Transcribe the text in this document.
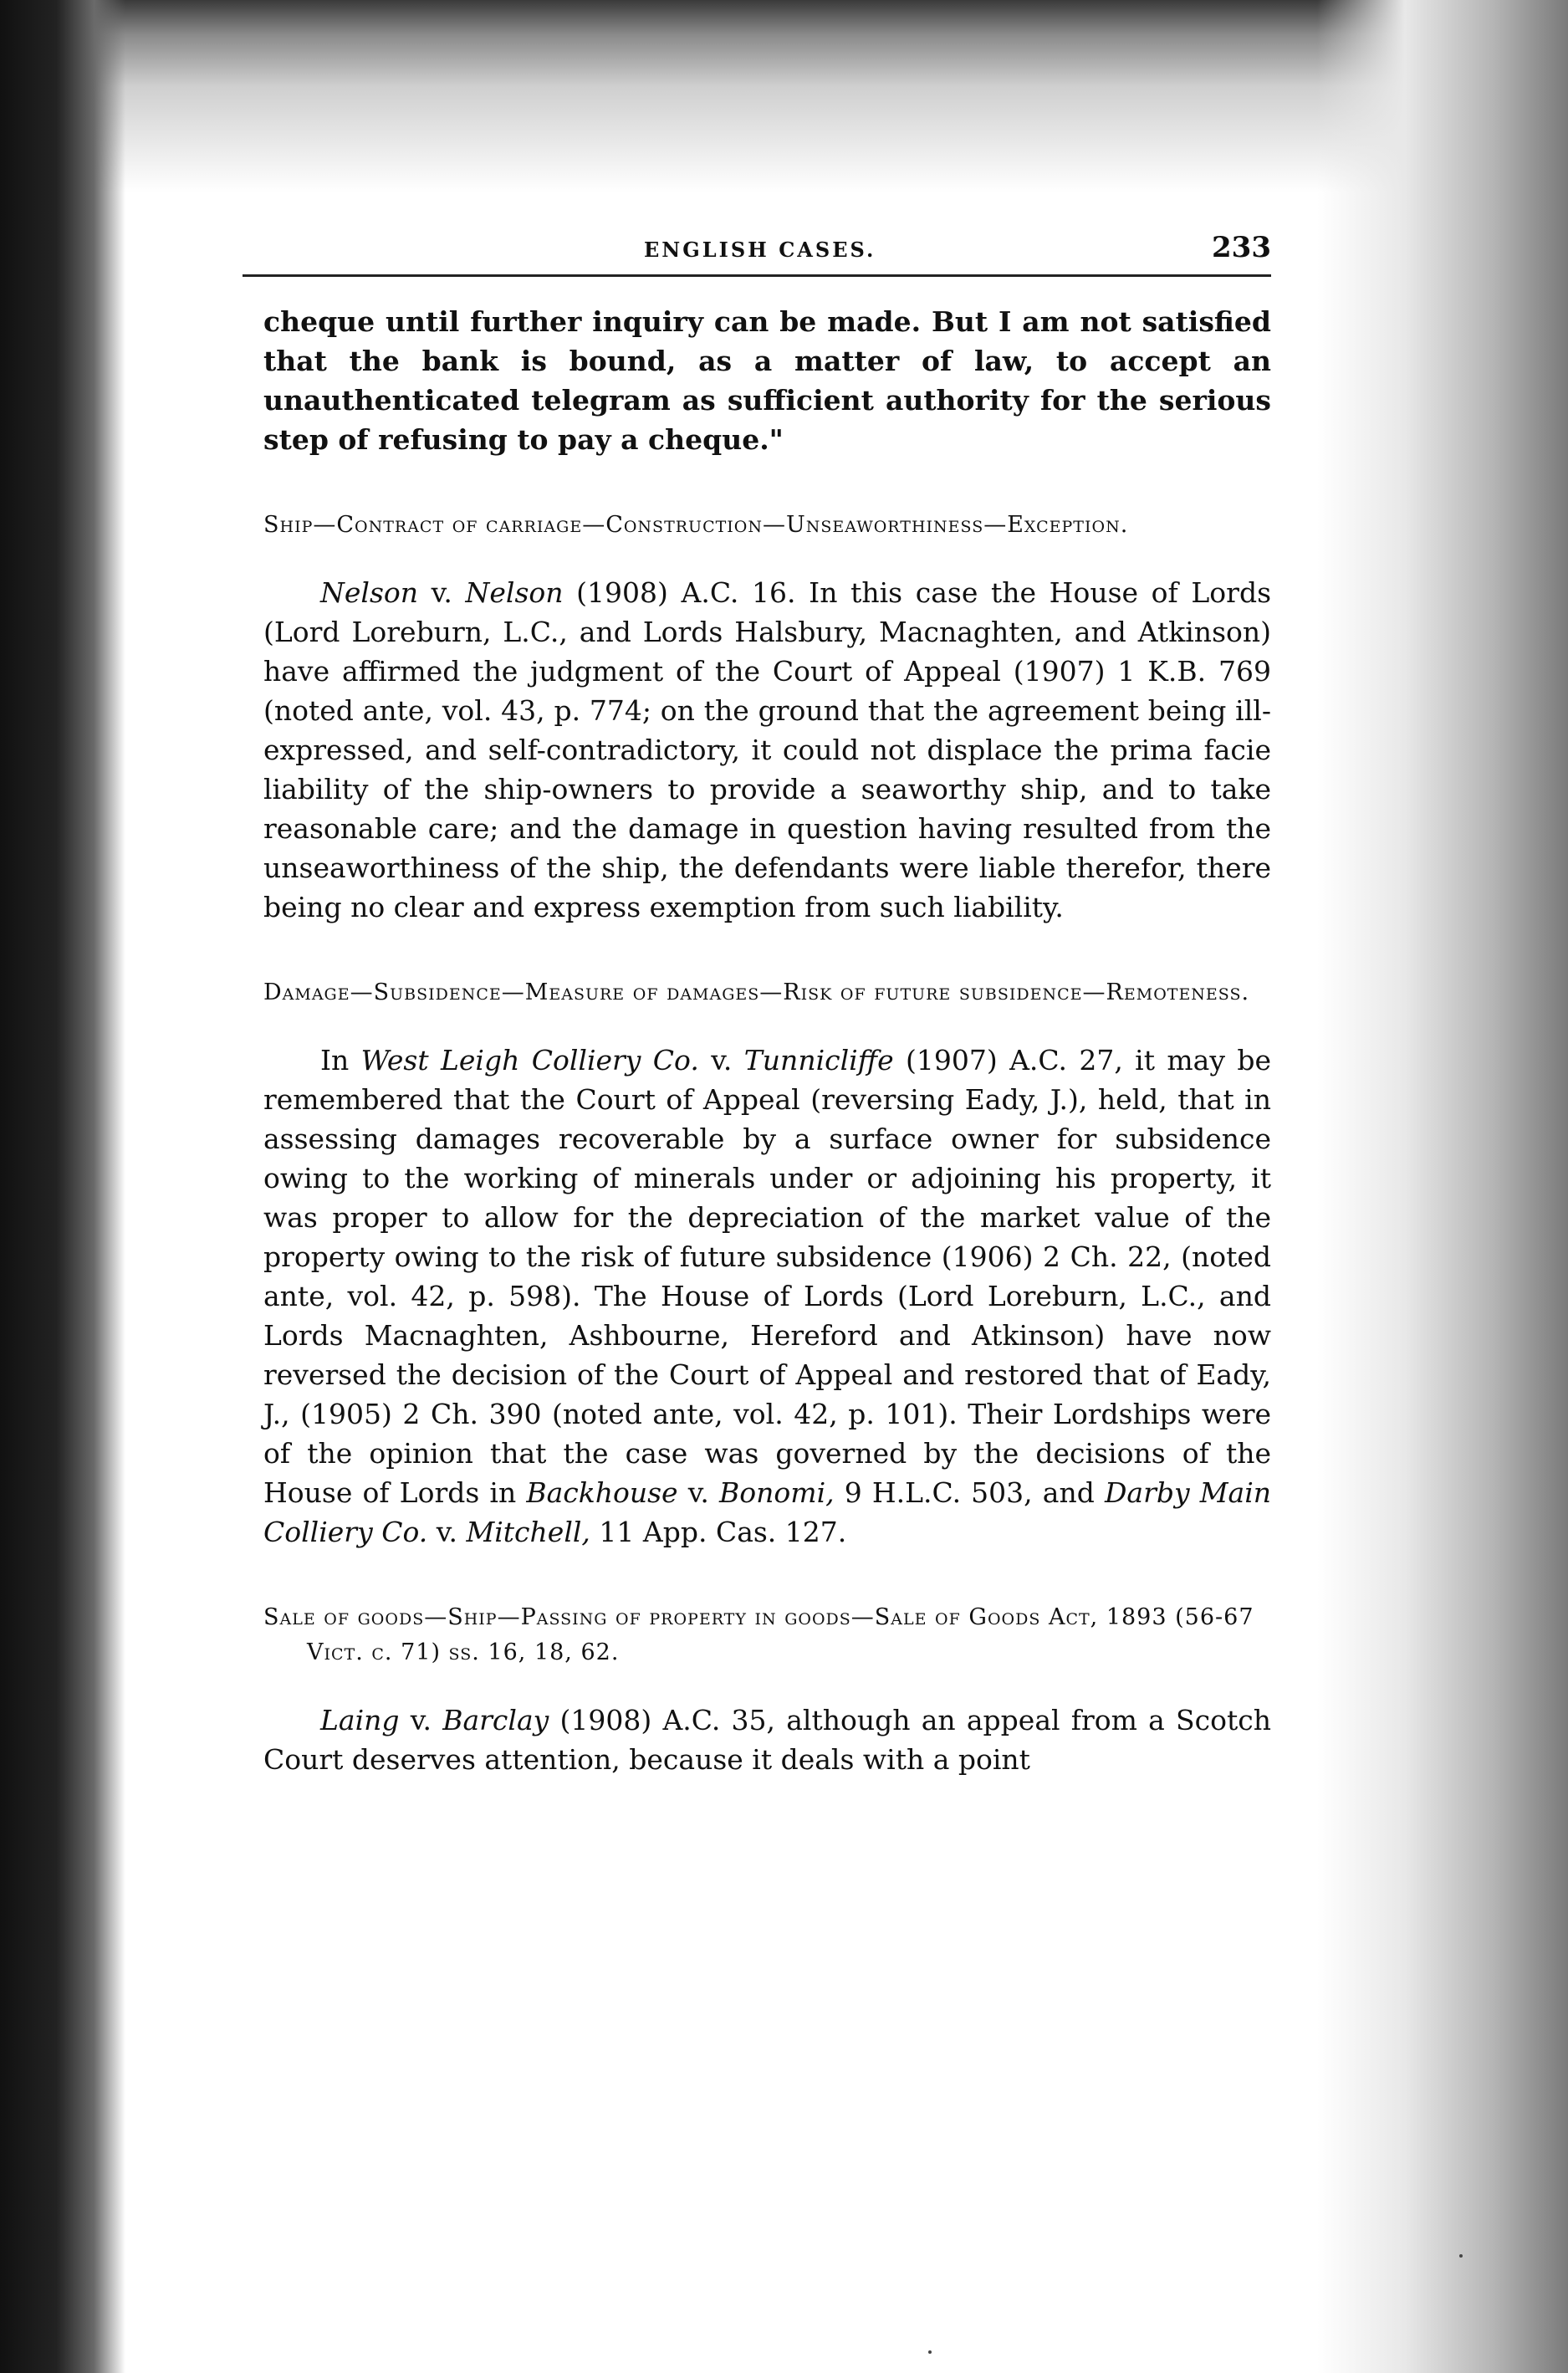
ENGLISH CASES.	233

cheque until further inquiry can be made. But I am not satisfied that the bank is bound, as a matter of law, to accept an unauthenticated telegram as sufficient authority for the serious step of refusing to pay a cheque."

Ship—Contract of carriage—Construction—Unseaworthiness—Exception.

Nelson v. Nelson (1908) A.C. 16. In this case the House of Lords (Lord Loreburn, L.C., and Lords Halsbury, Macnaghten, and Atkinson) have affirmed the judgment of the Court of Appeal (1907) 1 K.B. 769 (noted ante, vol. 43, p. 774; on the ground that the agreement being ill-expressed, and self-contradictory, it could not displace the prima facie liability of the ship-owners to provide a seaworthy ship, and to take reasonable care; and the damage in question having resulted from the unseaworthiness of the ship, the defendants were liable therefor, there being no clear and express exemption from such liability.

Damage—Subsidence—Measure of damages—Risk of future subsidence—Remoteness.

In West Leigh Colliery Co. v. Tunnicliffe (1907) A.C. 27, it may be remembered that the Court of Appeal (reversing Eady, J.), held, that in assessing damages recoverable by a surface owner for subsidence owing to the working of minerals under or adjoining his property, it was proper to allow for the depreciation of the market value of the property owing to the risk of future subsidence (1906) 2 Ch. 22, (noted ante, vol. 42, p. 598). The House of Lords (Lord Loreburn, L.C., and Lords Macnaghten, Ashbourne, Hereford and Atkinson) have now reversed the decision of the Court of Appeal and restored that of Eady, J., (1905) 2 Ch. 390 (noted ante, vol. 42, p. 101). Their Lordships were of the opinion that the case was governed by the decisions of the House of Lords in Backhouse v. Bonomi, 9 H.L.C. 503, and Darby Main Colliery Co. v. Mitchell, 11 App. Cas. 127.

Sale of goods—Ship—Passing of property in goods—Sale of Goods Act, 1893 (56-67 Vict. c. 71) ss. 16, 18, 62.

Laing v. Barclay (1908) A.C. 35, although an appeal from a Scotch Court deserves attention, because it deals with a point
